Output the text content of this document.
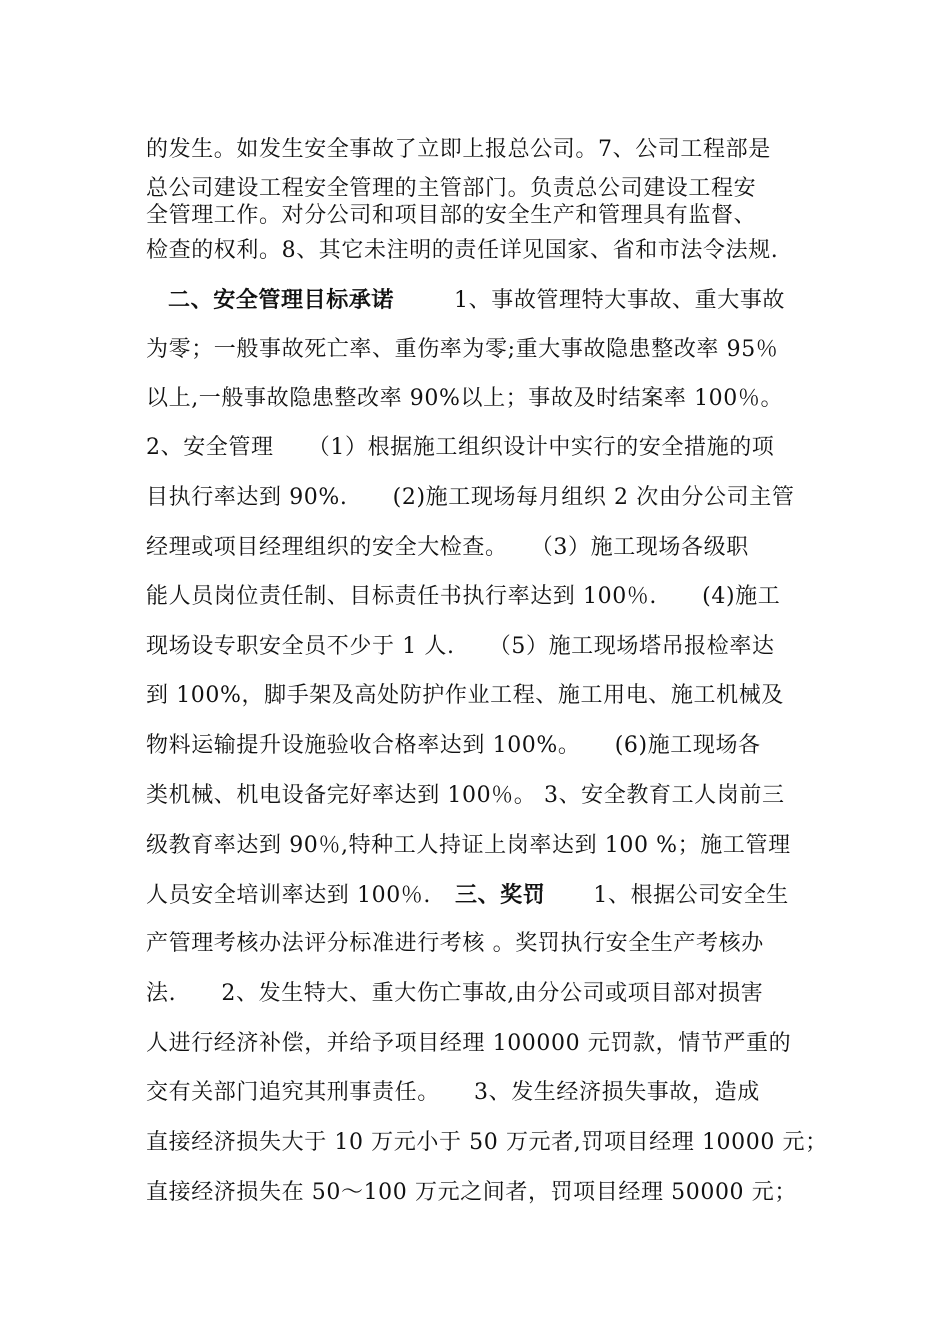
的发生。如发生安全事故了立即上报总公司。7、公司工程部是
总公司建设工程安全管理的主管部门。负责总公司建设工程安
全管理工作。对分公司和项目部的安全生产和管理具有监督、
检查的权利。8、其它未注明的责任详见国家、省和市法令法规.
二、安全管理目标承诺	1、事故管理特大事故、重大事故
为零；一般事故死亡率、重伤率为零;重大事故隐患整改率 95％
以上,一般事故隐患整改率 90%以上；事故及时结案率 100％。
2、安全管理　　（1）根据施工组织设计中实行的安全措施的项
目执行率达到 90%.　　(2)施工现场每月组织 2 次由分公司主管
经理或项目经理组织的安全大检查。　　（3）施工现场各级职
能人员岗位责任制、目标责任书执行率达到 100％.　　(4)施工
现场设专职安全员不少于 1 人.　　（5）施工现场塔吊报检率达
到 100%，脚手架及高处防护作业工程、施工用电、施工机械及
物料运输提升设施验收合格率达到 100%。　　(6)施工现场各
类机械、机电设备完好率达到 100％。 3、安全教育工人岗前三
级教育率达到 90％,特种工人持证上岗率达到 100 %；施工管理
人员安全培训率达到 100％. 三、奖罚 1、根据公司安全生
产管理考核办法评分标准进行考核 。奖罚执行安全生产考核办
法.　　2、发生特大、重大伤亡事故,由分公司或项目部对损害
人进行经济补偿，并给予项目经理 100000 元罚款，情节严重的
交有关部门追究其刑事责任。　　3、发生经济损失事故，造成
直接经济损失大于 10 万元小于 50 万元者,罚项目经理 10000 元；
直接经济损失在 50～100 万元之间者，罚项目经理 50000 元；
